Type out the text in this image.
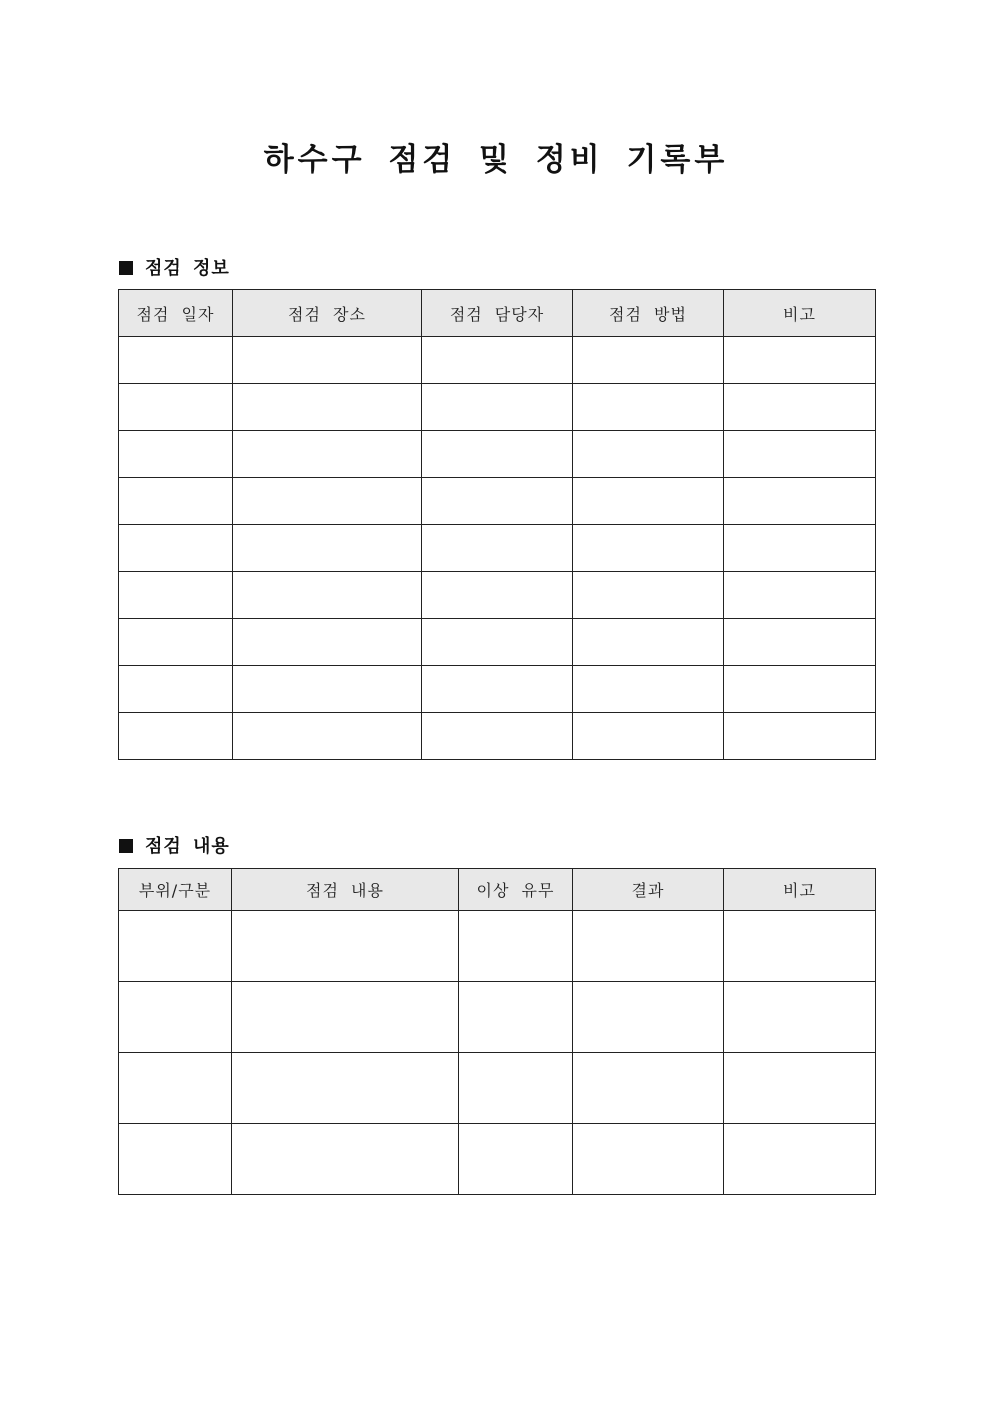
하수구 점검 및 정비 기록부
점검 정보
점검 일자	점검 장소	점검 담당자	점검 방법	비고

점검 내용
부위/구분	점검 내용	이상 유무	결과	비고
